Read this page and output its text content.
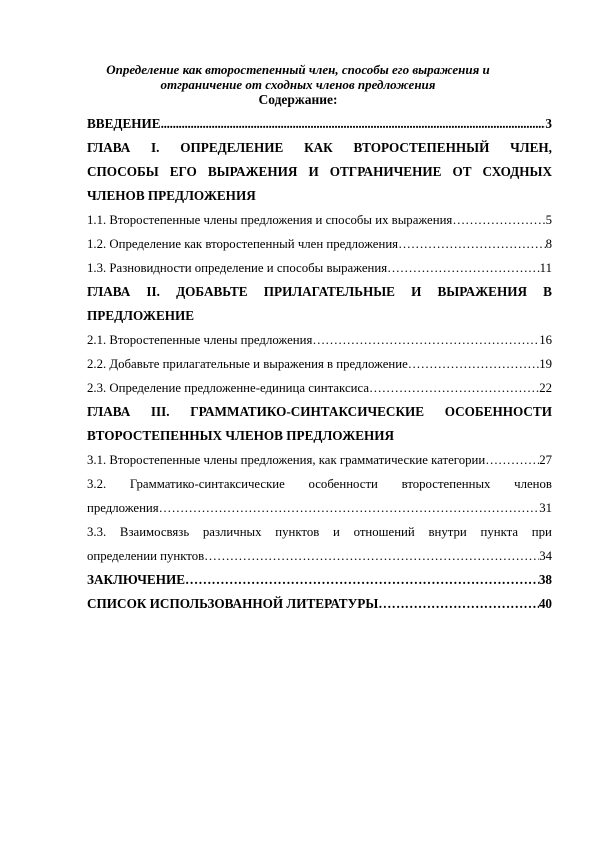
Определение как второстепенный член, способы его выражения и отграничение от сходных членов предложения
Содержание:
ВВЕДЕНИЕ .....	3
ГЛАВА I. ОПРЕДЕЛЕНИЕ КАК ВТОРОСТЕПЕННЫЙ ЧЛЕН,
СПОСОБЫ ЕГО ВЫРАЖЕНИЯ И ОТГРАНИЧЕНИЕ ОТ СХОДНЫХ
ЧЛЕНОВ ПРЕДЛОЖЕНИЯ
1.1. Второстепенные члены предложения и способы их выражения …………………………………………………………………………………………………………………………………………………………………………	5
1.2. Определение как второстепенный член предложения …………………………………………………………………………………………………………………………………………………………………………	8
1.3. Разновидности определение и способы выражения …………………………………………………………………………………………………………………………………………………………………………	11
ГЛАВА II. ДОБАВЬТЕ ПРИЛАГАТЕЛЬНЫЕ И ВЫРАЖЕНИЯ В
ПРЕДЛОЖЕНИЕ
2.1. Второстепенные члены предложения …………………………………………………………………………………………………………………………………………………………………………	16
2.2. Добавьте прилагательные и выражения в предложение …………………………………………………………………………………………………………………………………………………………………………	19
2.3. Определение предложенне-единица синтаксиса …………………………………………………………………………………………………………………………………………………………………………	22
ГЛАВА III. ГРАММАТИКО-СИНТАКСИЧЕСКИЕ ОСОБЕННОСТИ
ВТОРОСТЕПЕННЫХ ЧЛЕНОВ ПРЕДЛОЖЕНИЯ
3.1. Второстепенные члены предложения, как грамматические категории …………………………………………………………………………………………………………………………………………………………………………	27
3.2. Грамматико-синтаксические особенности второстепенных членов
предложения …………………………………………………………………………………………………………………………………………………………………………	31
3.3. Взаимосвязь различных пунктов и отношений внутри пункта при
определении пунктов …………………………………………………………………………………………………………………………………………………………………………	34
ЗАКЛЮЧЕНИЕ …………………………………………………………………………………………………………………………………………………………………………	38
СПИСОК ИСПОЛЬЗОВАННОЙ ЛИТЕРАТУРЫ …………………………………………………………………………………………………………………………………………………………………………	40
